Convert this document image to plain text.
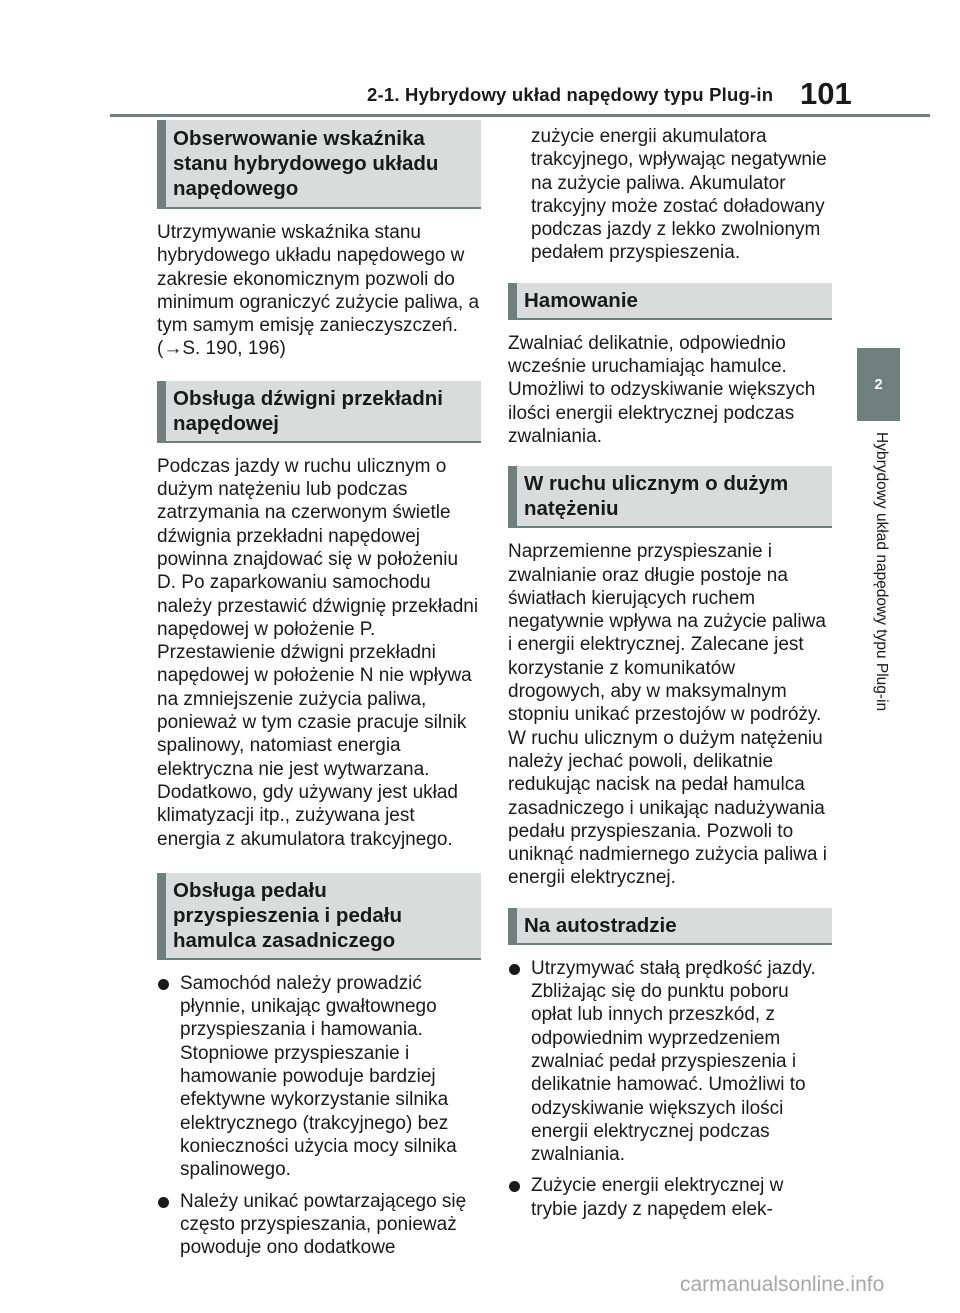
2-1. Hybrydowy układ napędowy typu Plug-in 101
2
Hybrydowy układ napędowy typu Plug-in
Obserwowanie wskaźnika stanu hybrydowego układu napędowego

Utrzymywanie wskaźnika stanu hybrydowego układu napędowego w zakresie ekonomicznym pozwoli do minimum ograniczyć zużycie paliwa, a tym samym emisję zanieczyszczeń. (→S. 190, 196)

Obsługa dźwigni przekładni napędowej

Podczas jazdy w ruchu ulicznym o dużym natężeniu lub podczas zatrzymania na czerwonym świetle dźwignia przekładni napędowej powinna znajdować się w położeniu D. Po zaparkowaniu samochodu należy przestawić dźwignię przekładni napędowej w położenie P. Przestawienie dźwigni przekładni napędowej w położenie N nie wpływa na zmniejszenie zużycia paliwa, ponieważ w tym czasie pracuje silnik spalinowy, natomiast energia elektryczna nie jest wytwarzana. Dodatkowo, gdy używany jest układ klimatyzacji itp., zużywana jest energia z akumulatora trakcyjnego.

Obsługa pedału przyspieszenia i pedału hamulca zasadniczego
Samochód należy prowadzić płynnie, unikając gwałtownego przyspieszania i hamowania. Stopniowe przyspieszanie i hamowanie powoduje bardziej efektywne wykorzystanie silnika elektrycznego (trakcyjnego) bez konieczności użycia mocy silnika spalinowego.
Należy unikać powtarzającego się często przyspieszania, ponieważ powoduje ono dodatkowe

zużycie energii akumulatora trakcyjnego, wpływając negatywnie na zużycie paliwa. Akumulator trakcyjny może zostać doładowany podczas jazdy z lekko zwolnionym pedałem przyspieszenia.

Hamowanie

Zwalniać delikatnie, odpowiednio wcześnie uruchamiając hamulce. Umożliwi to odzyskiwanie większych ilości energii elektrycznej podczas zwalniania.

W ruchu ulicznym o dużym natężeniu

Naprzemienne przyspieszanie i zwalnianie oraz długie postoje na światłach kierujących ruchem negatywnie wpływa na zużycie paliwa i energii elektrycznej. Zalecane jest korzystanie z komunikatów drogowych, aby w maksymalnym stopniu unikać przestojów w podróży. W ruchu ulicznym o dużym natężeniu należy jechać powoli, delikatnie redukując nacisk na pedał hamulca zasadniczego i unikając nadużywania pedału przyspieszania. Pozwoli to uniknąć nadmiernego zużycia paliwa i energii elektrycznej.

Na autostradzie
Utrzymywać stałą prędkość jazdy. Zbliżając się do punktu poboru opłat lub innych przeszkód, z odpowiednim wyprzedzeniem zwalniać pedał przyspieszenia i delikatnie hamować. Umożliwi to odzyskiwanie większych ilości energii elektrycznej podczas zwalniania.
Zużycie energii elektrycznej w trybie jazdy z napędem elek-
carmanualsonline.info
